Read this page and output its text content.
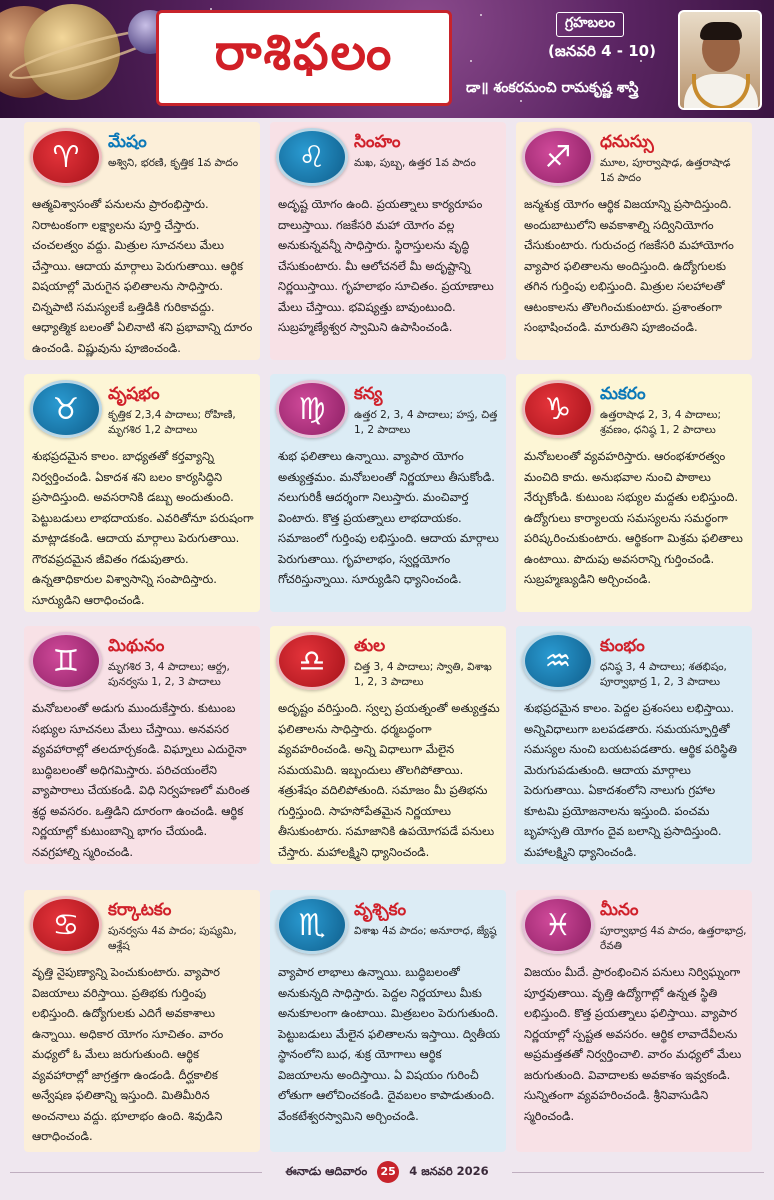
రాశిఫలం	గ్రహబలం
(జనవరి 4 - 10)
డా॥ శంకరమంచి రామకృష్ణ శాస్త్రి
♈	మేషం
అశ్విని, భరణి, కృత్తిక 1వ పాదం
ఆత్మవిశ్వాసంతో పనులను ప్రారంభిస్తారు. నిరాటంకంగా లక్ష్యాలను పూర్తి చేస్తారు. చంచలత్వం వద్దు. మిత్రుల సూచనలు మేలు చేస్తాయి. ఆదాయ మార్గాలు పెరుగుతాయి. ఆర్థిక విషయాల్లో మెరుగైన ఫలితాలను సాధిస్తారు. చిన్నపాటి సమస్యలకే ఒత్తిడికి గురికావద్దు. ఆధ్యాత్మిక బలంతో ఏలినాటి శని ప్రభావాన్ని దూరం ఉంచండి. విష్ణువును పూజించండి.
♌	సింహం
మఖ, పుబ్బ, ఉత్తర 1వ పాదం
అదృష్ట యోగం ఉంది. ప్రయత్నాలు కార్యరూపం దాలుస్తాయి. గజకేసరి మహా యోగం వల్ల అనుకున్నవన్నీ సాధిస్తారు. స్థిరాస్తులను వృద్ధి చేసుకుంటారు. మీ ఆలోచనలే మీ అదృష్టాన్ని నిర్ణయిస్తాయి. గృహలాభం సూచితం. ప్రయాణాలు మేలు చేస్తాయి. భవిష్యత్తు బావుంటుంది. సుబ్రహ్మణ్యేశ్వర స్వామిని ఉపాసించండి.
♐	ధనుస్సు
మూల, పూర్వాషాఢ, ఉత్తరాషాఢ 1వ పాదం
జన్మశుక్ర యోగం ఆర్థిక విజయాన్ని ప్రసాదిస్తుంది. అందుబాటులోని అవకాశాల్ని సద్వినియోగం చేసుకుంటారు. గురుచంద్ర గజకేసరి మహాయోగం వ్యాపార ఫలితాలను అందిస్తుంది. ఉద్యోగులకు తగిన గుర్తింపు లభిస్తుంది. మిత్రుల సలహాలతో ఆటంకాలను తొలగించుకుంటారు. ప్రశాంతంగా సంభాషించండి. మారుతిని పూజించండి.
♉	వృషభం
కృత్తిక 2,3,4 పాదాలు; రోహిణి, మృగశిర 1,2 పాదాలు
శుభప్రదమైన కాలం. బాధ్యతతో కర్తవ్యాన్ని నిర్వర్తించండి. ఏకాదశ శని బలం కార్యసిద్ధిని ప్రసాదిస్తుంది. అవసరానికి డబ్బు అందుతుంది. పెట్టుబడులు లాభదాయకం. ఎవరితోనూ పరుషంగా మాట్లాడకండి. ఆదాయ మార్గాలు పెరుగుతాయి. గౌరవప్రదమైన జీవితం గడుపుతారు. ఉన్నతాధికారుల విశ్వాసాన్ని సంపాదిస్తారు. సూర్యుడిని ఆరాధించండి.
♍	కన్య
ఉత్తర 2, 3, 4 పాదాలు; హస్త, చిత్త 1, 2 పాదాలు
శుభ ఫలితాలు ఉన్నాయి. వ్యాపార యోగం అత్యుత్తమం. మనోబలంతో నిర్ణయాలు తీసుకోండి. నలుగురికీ ఆదర్శంగా నిలుస్తారు. మంచివార్త వింటారు. కొత్త ప్రయత్నాలు లాభదాయకం. సమాజంలో గుర్తింపు లభిస్తుంది. ఆదాయ మార్గాలు పెరుగుతాయి. గృహలాభం, స్వర్ణయోగం గోచరిస్తున్నాయి. సూర్యుడిని ధ్యానించండి.
♑	మకరం
ఉత్తరాషాఢ 2, 3, 4 పాదాలు; శ్రవణం, ధనిష్ఠ 1, 2 పాదాలు
మనోబలంతో వ్యవహరిస్తారు. ఆరంభశూరత్వం మంచిది కాదు. అనుభవాల నుంచి పాఠాలు నేర్చుకోండి. కుటుంబ సభ్యుల మద్దతు లభిస్తుంది. ఉద్యోగులు కార్యాలయ సమస్యలను సమర్థంగా పరిష్కరించుకుంటారు. ఆర్థికంగా మిశ్రమ ఫలితాలు ఉంటాయి. పొదుపు అవసరాన్ని గుర్తించండి. సుబ్రహ్మణ్యుడిని అర్చించండి.
♊	మిథునం
మృగశిర 3, 4 పాదాలు; ఆర్ద్ర, పునర్వసు 1, 2, 3 పాదాలు
మనోబలంతో అడుగు ముందుకేస్తారు. కుటుంబ సభ్యుల సూచనలు మేలు చేస్తాయి. అనవసర వ్యవహారాల్లో తలదూర్చకండి. విఘ్నాలు ఎదురైనా బుద్ధిబలంతో అధిగమిస్తారు. పరిచయంలేని వ్యాపారాలు చేయకండి. విధి నిర్వహణలో మరింత శ్రద్ధ అవసరం. ఒత్తిడిని దూరంగా ఉంచండి. ఆర్థిక నిర్ణయాల్లో కుటుంబాన్ని భాగం చేయండి. నవగ్రహాల్ని స్మరించండి.
♎	తుల
చిత్త 3, 4 పాదాలు; స్వాతి, విశాఖ 1, 2, 3 పాదాలు
అదృష్టం వరిస్తుంది. స్వల్ప ప్రయత్నంతో అత్యుత్తమ ఫలితాలను సాధిస్తారు. ధర్మబద్ధంగా వ్యవహరించండి. అన్ని విధాలుగా మేలైన సమయమిది. ఇబ్బందులు తొలగిపోతాయి. శత్రుశేషం వదిలిపోతుంది. సమాజం మీ ప్రతిభను గుర్తిస్తుంది. సాహసోపేతమైన నిర్ణయాలు తీసుకుంటారు. సమాజానికి ఉపయోగపడే పనులు చేస్తారు. మహాలక్ష్మిని ధ్యానించండి.
♒	కుంభం
ధనిష్ఠ 3, 4 పాదాలు; శతభిషం, పూర్వాభాద్ర 1, 2, 3 పాదాలు
శుభప్రదమైన కాలం. పెద్దల ప్రశంసలు లభిస్తాయి. అన్నివిధాలుగా బలపడతారు. సమయస్ఫూర్తితో సమస్యల నుంచి బయటపడతారు. ఆర్థిక పరిస్థితి మెరుగుపడుతుంది. ఆదాయ మార్గాలు పెరుగుతాయి. ఏకాదశంలోని నాలుగు గ్రహాల కూటమి ప్రయోజనాలను ఇస్తుంది. పంచమ బృహస్పతి యోగం దైవ బలాన్ని ప్రసాదిస్తుంది. మహాలక్ష్మిని ధ్యానించండి.
♋	కర్కాటకం
పునర్వసు 4వ పాదం; పుష్యమి, ఆశ్లేష
వృత్తి నైపుణ్యాన్ని పెంచుకుంటారు. వ్యాపార విజయాలు వరిస్తాయి. ప్రతిభకు గుర్తింపు లభిస్తుంది. ఉద్యోగులకు ఎదిగే అవకాశాలు ఉన్నాయి. అధికార యోగం సూచితం. వారం మధ్యలో ఓ మేలు జరుగుతుంది. ఆర్థిక వ్యవహారాల్లో జాగ్రత్తగా ఉండండి. దీర్ఘకాలిక అన్వేషణ ఫలితాన్ని ఇస్తుంది. మితిమీరిన అంచనాలు వద్దు. భూలాభం ఉంది. శివుడిని ఆరాధించండి.
♏	వృశ్చికం
విశాఖ 4వ పాదం; అనూరాధ, జ్యేష్ఠ
వ్యాపార లాభాలు ఉన్నాయి. బుద్ధిబలంతో అనుకున్నది సాధిస్తారు. పెద్దల నిర్ణయాలు మీకు అనుకూలంగా ఉంటాయి. మిత్రబలం పెరుగుతుంది. పెట్టుబడులు మేలైన ఫలితాలను ఇస్తాయి. ద్వితీయ స్థానంలోని బుధ, శుక్ర యోగాలు ఆర్థిక విజయాలను అందిస్తాయి. ఏ విషయం గురించీ లోతుగా ఆలోచించకండి. దైవబలం కాపాడుతుంది. వేంకటేశ్వరస్వామిని అర్చించండి.
♓	మీనం
పూర్వాభాద్ర 4వ పాదం, ఉత్తరాభాద్ర, రేవతి
విజయం మీదే. ప్రారంభించిన పనులు నిర్విఘ్నంగా పూర్తవుతాయి. వృత్తి ఉద్యోగాల్లో ఉన్నత స్థితి లభిస్తుంది. కొత్త ప్రయత్నాలు ఫలిస్తాయి. వ్యాపార నిర్ణయాల్లో స్పష్టత అవసరం. ఆర్థిక లావాదేవీలను అప్రమత్తతతో నిర్వర్తించాలి. వారం మధ్యలో మేలు జరుగుతుంది. వివాదాలకు అవకాశం ఇవ్వకండి. సున్నితంగా వ్యవహరించండి. శ్రీనివాసుడిని స్మరించండి.
ఈనాడు ఆదివారం	25 4 జనవరి 2026
